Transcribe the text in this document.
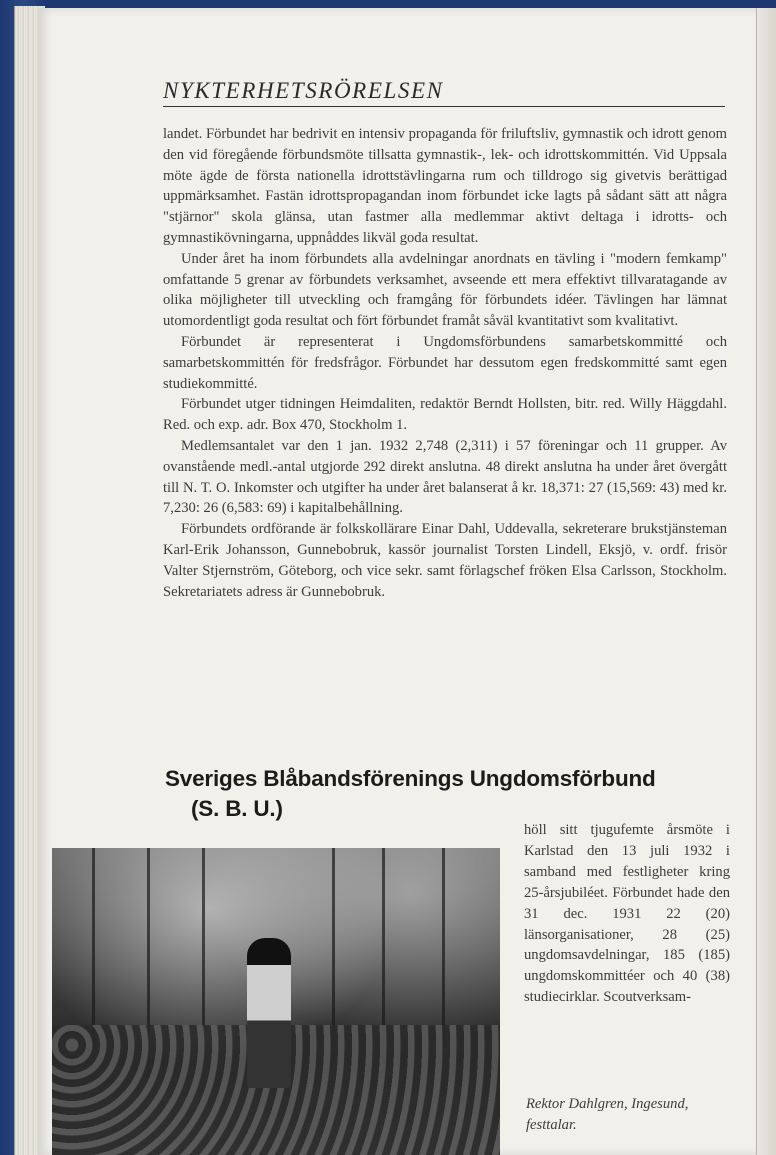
NYKTERHETSRÖRELSEN

landet. Förbundet har bedrivit en intensiv propaganda för friluftsliv, gymnastik och idrott genom den vid föregående förbundsmöte tillsatta gymnastik-, lek- och idrottskommittén. Vid Uppsala möte ägde de första nationella idrottstävlingarna rum och tilldrogo sig givetvis berättigad uppmärksamhet. Fastän idrottspropagandan inom förbundet icke lagts på sådant sätt att några "stjärnor" skola glänsa, utan fastmer alla medlemmar aktivt deltaga i idrotts- och gymnastikövningarna, uppnåddes likväl goda resultat.

Under året ha inom förbundets alla avdelningar anordnats en tävling i "modern femkamp" omfattande 5 grenar av förbundets verksamhet, avseende ett mera effektivt tillvaratagande av olika möjligheter till utveckling och framgång för förbundets idéer. Tävlingen har lämnat utomordentligt goda resultat och fört förbundet framåt såväl kvantitativt som kvalitativt.

Förbundet är representerat i Ungdomsförbundens samarbetskommitté och samarbetskommittén för fredsfrågor. Förbundet har dessutom egen fredskommitté samt egen studiekommitté.

Förbundet utger tidningen Heimdaliten, redaktör Berndt Hollsten, bitr. red. Willy Häggdahl. Red. och exp. adr. Box 470, Stockholm 1.

Medlemsantalet var den 1 jan. 1932 2,748 (2,311) i 57 föreningar och 11 grupper. Av ovanstående medl.-antal utgjorde 292 direkt anslutna. 48 direkt anslutna ha under året övergått till N. T. O. Inkomster och utgifter ha under året balanserat å kr. 18,371: 27 (15,569: 43) med kr. 7,230: 26 (6,583: 69) i kapitalbehållning.

Förbundets ordförande är folkskollärare Einar Dahl, Uddevalla, sekreterare brukstjänsteman Karl-Erik Johansson, Gunnebobruk, kassör journalist Torsten Lindell, Eksjö, v. ordf. frisör Valter Stjernström, Göteborg, och vice sekr. samt förlagschef fröken Elsa Carlsson, Stockholm. Sekretariatets adress är Gunnebobruk.

Sveriges Blåbandsförenings Ungdomsförbund
(S. B. U.)
höll sitt tjugufemte årsmöte i Karlstad den 13 juli 1932 i samband med festligheter kring 25-årsjubiléet. Förbundet hade den 31 dec. 1931 22 (20) länsorganisationer, 28 (25) ungdomsavdelningar, 185 (185) ungdomskommittéer och 40 (38) studiecirklar. Scoutverksam-
Rektor Dahlgren, Ingesund, festtalar.
